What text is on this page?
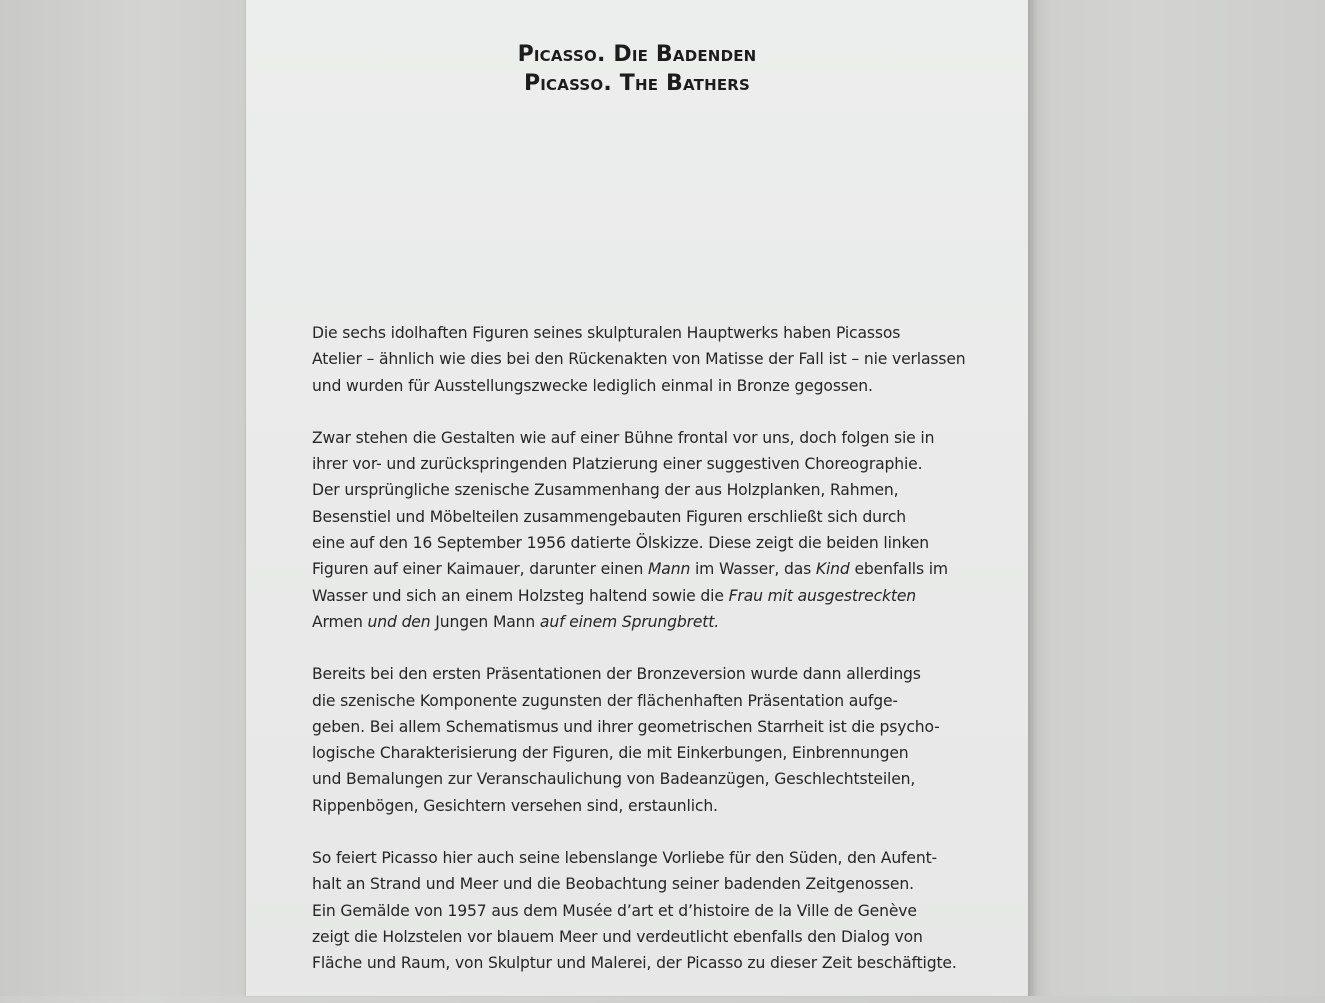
Picasso. Die Badenden
Picasso. The Bathers
Die sechs idolhaften Figuren seines skulpturalen Hauptwerks haben Picassos
Atelier – ähnlich wie dies bei den Rückenakten von Matisse der Fall ist – nie verlassen
und wurden für Ausstellungszwecke lediglich einmal in Bronze gegossen.
Zwar stehen die Gestalten wie auf einer Bühne frontal vor uns, doch folgen sie in
ihrer vor- und zurückspringenden Platzierung einer suggestiven Choreographie.
Der ursprüngliche szenische Zusammenhang der aus Holzplanken, Rahmen,
Besenstiel und Möbelteilen zusammengebauten Figuren erschließt sich durch
eine auf den 16 September 1956 datierte Ölskizze. Diese zeigt die beiden linken
Figuren auf einer Kaimauer, darunter einen Mann im Wasser, das Kind ebenfalls im
Wasser und sich an einem Holzsteg haltend sowie die Frau mit ausgestreckten
Armen und den Jungen Mann auf einem Sprungbrett.
Bereits bei den ersten Präsentationen der Bronzeversion wurde dann allerdings
die szenische Komponente zugunsten der flächenhaften Präsentation aufge-
geben. Bei allem Schematismus und ihrer geometrischen Starrheit ist die psycho-
logische Charakterisierung der Figuren, die mit Einkerbungen, Einbrennungen
und Bemalungen zur Veranschaulichung von Badeanzügen, Geschlechtsteilen,
Rippenbögen, Gesichtern versehen sind, erstaunlich.
So feiert Picasso hier auch seine lebenslange Vorliebe für den Süden, den Aufent-
halt an Strand und Meer und die Beobachtung seiner badenden Zeitgenossen.
Ein Gemälde von 1957 aus dem Musée d’art et d’histoire de la Ville de Genève
zeigt die Holzstelen vor blauem Meer und verdeutlicht ebenfalls den Dialog von
Fläche und Raum, von Skulptur und Malerei, der Picasso zu dieser Zeit beschäftigte.
